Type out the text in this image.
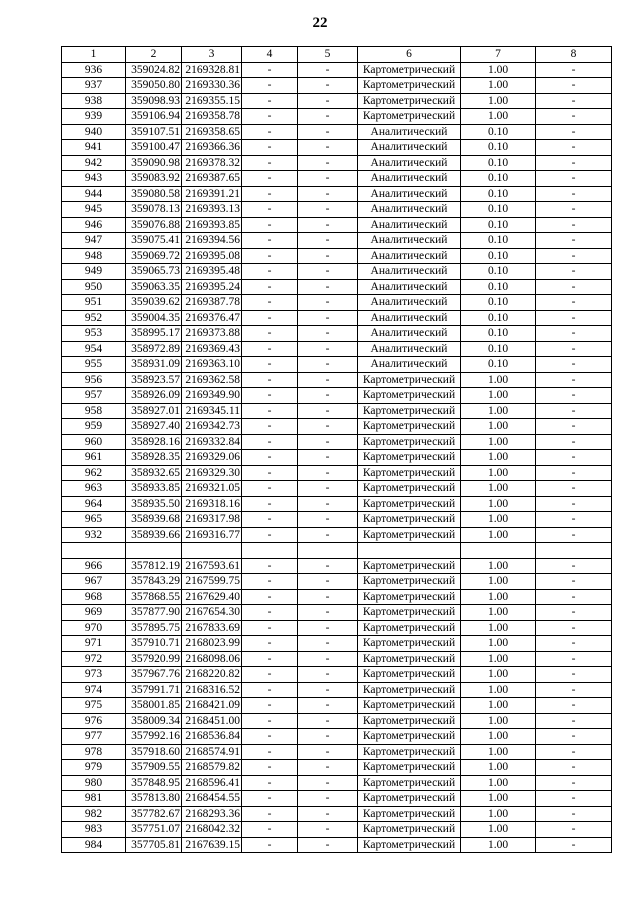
22
1	2	3	4	5	6	7	8
936	359024.82	2169328.81	-	-	Картометрический	1.00	-
937	359050.80	2169330.36	-	-	Картометрический	1.00	-
938	359098.93	2169355.15	-	-	Картометрический	1.00	-
939	359106.94	2169358.78	-	-	Картометрический	1.00	-
940	359107.51	2169358.65	-	-	Аналитический	0.10	-
941	359100.47	2169366.36	-	-	Аналитический	0.10	-
942	359090.98	2169378.32	-	-	Аналитический	0.10	-
943	359083.92	2169387.65	-	-	Аналитический	0.10	-
944	359080.58	2169391.21	-	-	Аналитический	0.10	-
945	359078.13	2169393.13	-	-	Аналитический	0.10	-
946	359076.88	2169393.85	-	-	Аналитический	0.10	-
947	359075.41	2169394.56	-	-	Аналитический	0.10	-
948	359069.72	2169395.08	-	-	Аналитический	0.10	-
949	359065.73	2169395.48	-	-	Аналитический	0.10	-
950	359063.35	2169395.24	-	-	Аналитический	0.10	-
951	359039.62	2169387.78	-	-	Аналитический	0.10	-
952	359004.35	2169376.47	-	-	Аналитический	0.10	-
953	358995.17	2169373.88	-	-	Аналитический	0.10	-
954	358972.89	2169369.43	-	-	Аналитический	0.10	-
955	358931.09	2169363.10	-	-	Аналитический	0.10	-
956	358923.57	2169362.58	-	-	Картометрический	1.00	-
957	358926.09	2169349.90	-	-	Картометрический	1.00	-
958	358927.01	2169345.11	-	-	Картометрический	1.00	-
959	358927.40	2169342.73	-	-	Картометрический	1.00	-
960	358928.16	2169332.84	-	-	Картометрический	1.00	-
961	358928.35	2169329.06	-	-	Картометрический	1.00	-
962	358932.65	2169329.30	-	-	Картометрический	1.00	-
963	358933.85	2169321.05	-	-	Картометрический	1.00	-
964	358935.50	2169318.16	-	-	Картометрический	1.00	-
965	358939.68	2169317.98	-	-	Картометрический	1.00	-
932	358939.66	2169316.77	-	-	Картометрический	1.00	-

966	357812.19	2167593.61	-	-	Картометрический	1.00	-
967	357843.29	2167599.75	-	-	Картометрический	1.00	-
968	357868.55	2167629.40	-	-	Картометрический	1.00	-
969	357877.90	2167654.30	-	-	Картометрический	1.00	-
970	357895.75	2167833.69	-	-	Картометрический	1.00	-
971	357910.71	2168023.99	-	-	Картометрический	1.00	-
972	357920.99	2168098.06	-	-	Картометрический	1.00	-
973	357967.76	2168220.82	-	-	Картометрический	1.00	-
974	357991.71	2168316.52	-	-	Картометрический	1.00	-
975	358001.85	2168421.09	-	-	Картометрический	1.00	-
976	358009.34	2168451.00	-	-	Картометрический	1.00	-
977	357992.16	2168536.84	-	-	Картометрический	1.00	-
978	357918.60	2168574.91	-	-	Картометрический	1.00	-
979	357909.55	2168579.82	-	-	Картометрический	1.00	-
980	357848.95	2168596.41	-	-	Картометрический	1.00	-
981	357813.80	2168454.55	-	-	Картометрический	1.00	-
982	357782.67	2168293.36	-	-	Картометрический	1.00	-
983	357751.07	2168042.32	-	-	Картометрический	1.00	-
984	357705.81	2167639.15	-	-	Картометрический	1.00	-
